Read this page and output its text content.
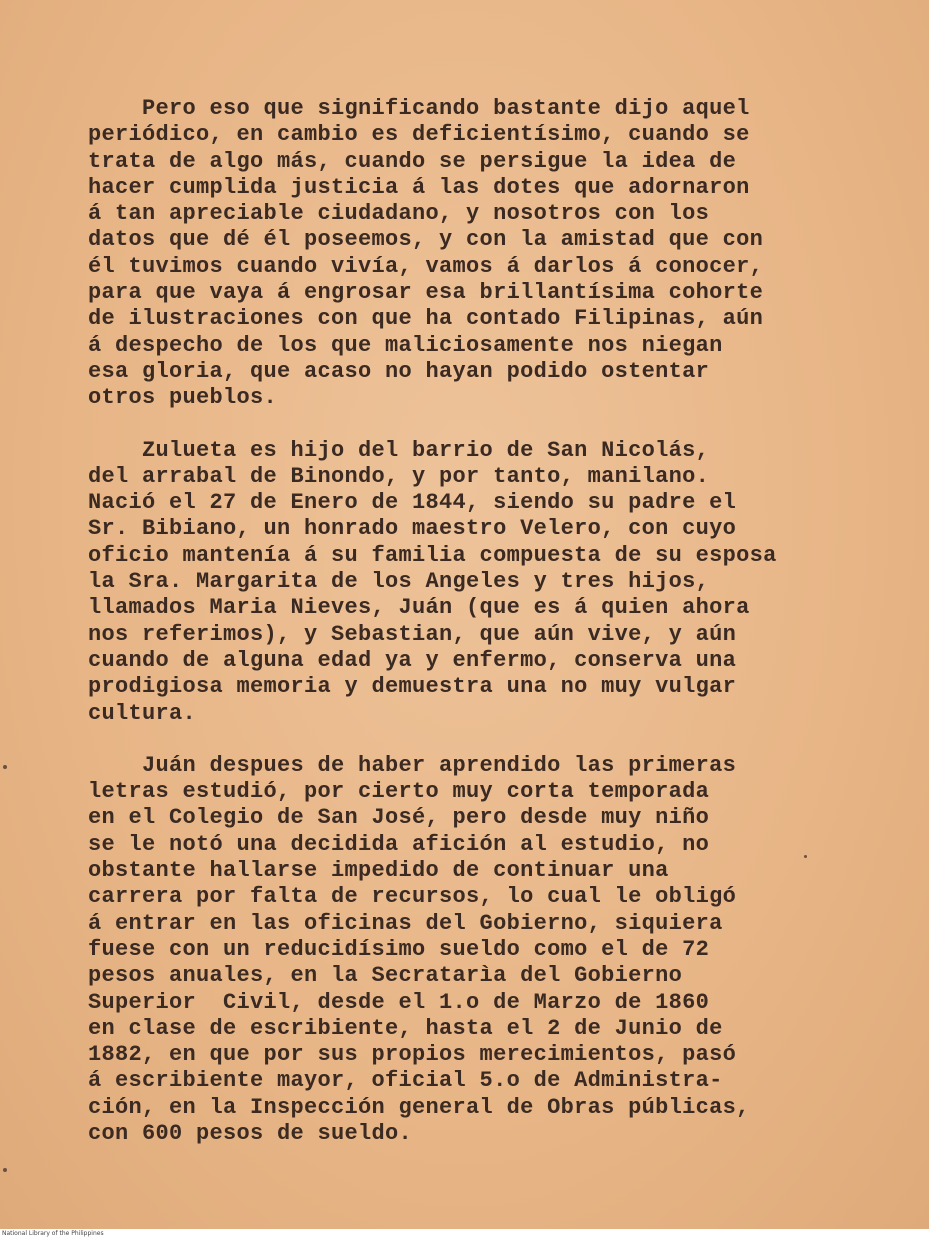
Pero eso que significando bastante dijo aquel
periódico, en cambio es deficientísimo, cuando se
trata de algo más, cuando se persigue la idea de
hacer cumplida justicia á las dotes que adornaron
á tan apreciable ciudadano, y nosotros con los
datos que dé él poseemos, y con la amistad que con
él tuvimos cuando vivía, vamos á darlos á conocer,
para que vaya á engrosar esa brillantísima cohorte
de ilustraciones con que ha contado Filipinas, aún
á despecho de los que maliciosamente nos niegan
esa gloria, que acaso no hayan podido ostentar
otros pueblos.
Zulueta es hijo del barrio de San Nicolás,
del arrabal de Binondo, y por tanto, manilano.
Nació el 27 de Enero de 1844, siendo su padre el
Sr. Bibiano, un honrado maestro Velero, con cuyo
oficio mantenía á su familia compuesta de su esposa
la Sra. Margarita de los Angeles y tres hijos,
llamados Maria Nieves, Juán (que es á quien ahora
nos referimos), y Sebastian, que aún vive, y aún
cuando de alguna edad ya y enfermo, conserva una
prodigiosa memoria y demuestra una no muy vulgar
cultura.
Juán despues de haber aprendido las primeras
letras estudió, por cierto muy corta temporada
en el Colegio de San José, pero desde muy niño
se le notó una decidida afición al estudio, no
obstante hallarse impedido de continuar una
carrera por falta de recursos, lo cual le obligó
á entrar en las oficinas del Gobierno, siquiera
fuese con un reducidísimo sueldo como el de 72
pesos anuales, en la Secratarìa del Gobierno
Superior  Civil, desde el 1.o de Marzo de 1860
en clase de escribiente, hasta el 2 de Junio de
1882, en que por sus propios merecimientos, pasó
á escribiente mayor, oficial 5.o de Administra-
ción, en la Inspección general de Obras públicas,
con 600 pesos de sueldo.
National Library of the Philippines
